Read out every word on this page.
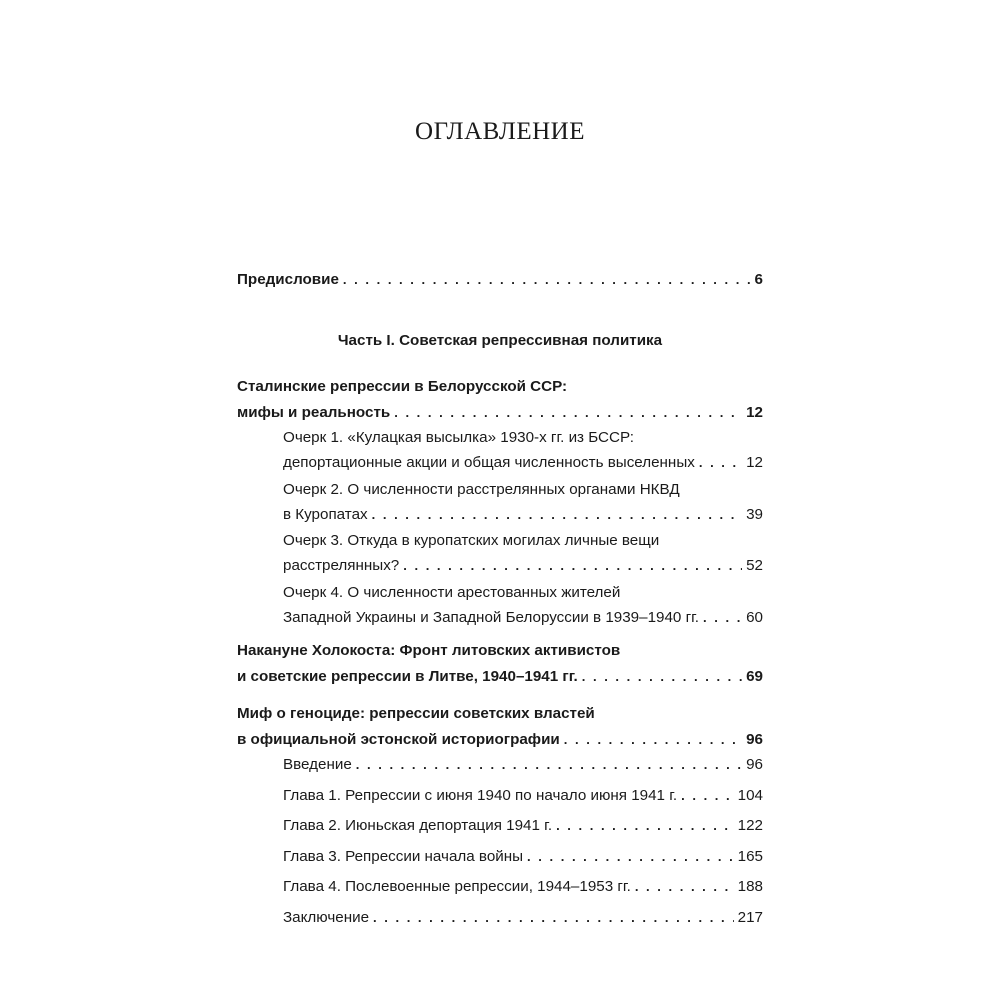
ОГЛАВЛЕНИЕ
Предисловие . . .	6
Часть I. Советская репрессивная политика
Сталинские репрессии в Белорусской ССР:
мифы и реальность . . .	12
Очерк 1. «Кулацкая высылка» 1930-х гг. из БССР:
депортационные акции и общая численность выселенных . . .	12
Очерк 2. О численности расстрелянных органами НКВД
в Куропатах . . .	39
Очерк 3. Откуда в куропатских могилах личные вещи
расстрелянных? . . .	52
Очерк 4. О численности арестованных жителей
Западной Украины и Западной Белоруссии в 1939–1940 гг. . . .	60
Накануне Холокоста: Фронт литовских активистов
и советские репрессии в Литве, 1940–1941 гг. . . .	69
Миф о геноциде: репрессии советских властей
в официальной эстонской историографии . . .	96
Введение . . .	96
Глава 1. Репрессии с июня 1940 по начало июня 1941 г. . . .	104
Глава 2. Июньская депортация 1941 г. . . .	122
Глава 3. Репрессии начала войны . . .	165
Глава 4. Послевоенные репрессии, 1944–1953 гг. . . .	188
Заключение . . .	217
